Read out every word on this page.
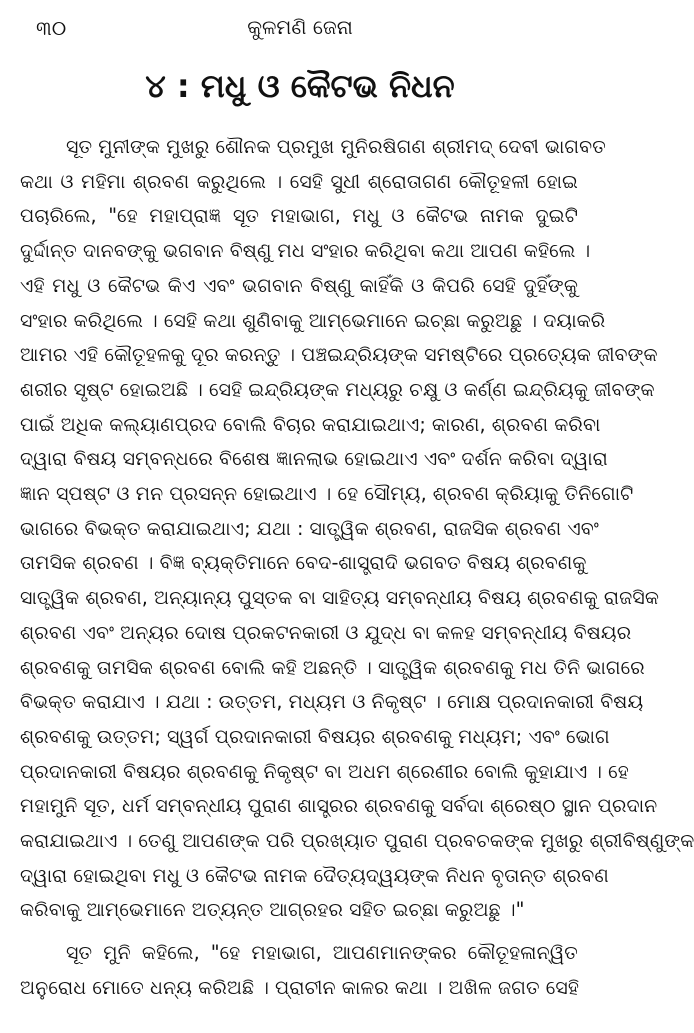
୩୦	କୁଳମଣି ଜେନା
୪ : ମଧୁ ଓ କୈଟଭ ନିଧନ
ସୂତ ମୁନୀଙ୍କ ମୁଖରୁ ଶୌନକ ପ୍ରମୁଖ ମୁନିରଷିଗଣ ଶ୍ରୀମଦ୍ ଦେବୀ ଭାଗବତ
କଥା ଓ ମହିମା ଶ୍ରବଣ କରୁଥିଲେ । ସେହି ସୁଧୀ ଶ୍ରୋତାଗଣ କୌତୂହଳୀ ହୋଇ
ପଚାରିଲେ, "ହେ ମହାପ୍ରାଜ୍ଞ ସୂତ ମହାଭାଗ, ମଧୁ ଓ କୈଟଭ ନାମକ ଦୁଇଟି
ଦୁର୍ଦ୍ଦାନ୍ତ ଦାନବଙ୍କୁ ଭଗବାନ ବିଷ୍ଣୁ ମଧ ସଂହାର କରିଥିବା କଥା ଆପଣ କହିଲେ ।
ଏହି ମଧୁ ଓ କୈଟଭ କିଏ ଏବଂ ଭଗବାନ ବିଷ୍ଣୁ କାହିଁକି ଓ କିପରି ସେହି ଦୁହିଁଙ୍କୁ
ସଂହାର କରିଥିଲେ । ସେହି କଥା ଶୁଣିବାକୁ ଆମ୍ଭେମାନେ ଇଚ୍ଛା କରୁଅଛୁ । ଦୟାକରି
ଆମର ଏହି କୌତୂହଳକୁ ଦୂର କରନ୍ତୁ । ପଞ୍ଚଇନ୍ଦ୍ରିୟଙ୍କ ସମଷ୍ଟିରେ ପ୍ରତ୍ୟେକ ଜୀବଙ୍କ
ଶରୀର ସୃଷ୍ଟ ହୋଇଅଛି । ସେହି ଇନ୍ଦ୍ରିୟଙ୍କ ମଧ୍ୟରୁ ଚକ୍ଷୁ ଓ କର୍ଣ୍ଣ ଇନ୍ଦ୍ରିୟକୁ ଜୀବଙ୍କ
ପାଇଁ ଅଧିକ କଲ୍ୟାଣପ୍ରଦ ବୋଲି ବିଚାର କରାଯାଇଥାଏ; କାରଣ, ଶ୍ରବଣ କରିବା
ଦ୍ୱାରା ବିଷୟ ସମ୍ବନ୍ଧରେ ବିଶେଷ ଜ୍ଞାନଲାଭ ହୋଇଥାଏ ଏବଂ ଦର୍ଶନ କରିବା ଦ୍ୱାରା
ଜ୍ଞାନ ସ୍ପଷ୍ଟ ଓ ମନ ପ୍ରସନ୍ନ ହୋଇଥାଏ । ହେ ସୌମ୍ୟ, ଶ୍ରବଣ କ୍ରିୟାକୁ ତିନିଗୋଟି
ଭାଗରେ ବିଭକ୍ତ କରାଯାଇଥାଏ; ଯଥା : ସାତ୍ତ୍ୱିକ ଶ୍ରବଣ, ରାଜସିକ ଶ୍ରବଣ ଏବଂ
ତାମସିକ ଶ୍ରବଣ । ବିଜ୍ଞ ବ୍ୟକ୍ତିମାନେ ବେଦ-ଶାସ୍ତ୍ରାଦି ଭଗବତ ବିଷୟ ଶ୍ରବଣକୁ
ସାତ୍ତ୍ୱିକ ଶ୍ରବଣ, ଅନ୍ୟାନ୍ୟ ପୁସ୍ତକ ବା ସାହିତ୍ୟ ସମ୍ବନ୍ଧୀୟ ବିଷୟ ଶ୍ରବଣକୁ ରାଜସିକ
ଶ୍ରବଣ ଏବଂ ଅନ୍ୟର ଦୋଷ ପ୍ରକଟନକାରୀ ଓ ଯୁଦ୍ଧ ବା କଳହ ସମ୍ବନ୍ଧୀୟ ବିଷୟର
ଶ୍ରବଣକୁ ତାମସିକ ଶ୍ରବଣ ବୋଲି କହି ଅଛନ୍ତି । ସାତ୍ତ୍ୱିକ ଶ୍ରବଣକୁ ମଧ ତିନି ଭାଗରେ
ବିଭକ୍ତ କରାଯାଏ । ଯଥା : ଉତ୍ତମ, ମଧ୍ୟମ ଓ ନିକୃଷ୍ଟ । ମୋକ୍ଷ ପ୍ରଦାନକାରୀ ବିଷୟ
ଶ୍ରବଣକୁ ଉତ୍ତମ; ସ୍ୱର୍ଗ ପ୍ରଦାନକାରୀ ବିଷୟର ଶ୍ରବଣକୁ ମଧ୍ୟମ; ଏବଂ ଭୋଗ
ପ୍ରଦାନକାରୀ ବିଷୟର ଶ୍ରବଣକୁ ନିକୃଷ୍ଟ ବା ଅଧମ ଶ୍ରେଣୀର ବୋଲି କୁହାଯାଏ । ହେ
ମହାମୁନି ସୂତ, ଧର୍ମ ସମ୍ବନ୍ଧୀୟ ପୁରାଣ ଶାସ୍ତ୍ରର ଶ୍ରବଣକୁ ସର୍ବଦା ଶ୍ରେଷ୍ଠ ସ୍ଥାନ ପ୍ରଦାନ
କରାଯାଇଥାଏ । ତେଣୁ ଆପଣଙ୍କ ପରି ପ୍ରଖ୍ୟାତ ପୁରାଣ ପ୍ରବଚକଙ୍କ ମୁଖରୁ ଶ୍ରୀବିଷ୍ଣୁଙ୍କ
ଦ୍ୱାରା ହୋଇଥିବା ମଧୁ ଓ କୈଟଭ ନାମକ ଦୈତ୍ୟଦ୍ୱୟଙ୍କ ନିଧନ ବୃତାନ୍ତ ଶ୍ରବଣ
କରିବାକୁ ଆମ୍ଭେମାନେ ଅତ୍ୟନ୍ତ ଆଗ୍ରହର ସହିତ ଇଚ୍ଛା କରୁଅଛୁ ।"
ସୂତ ମୁନି କହିଲେ, "ହେ ମହାଭାଗ, ଆପଣମାନଙ୍କର କୌତୂହଳାନ୍ୱିତ
ଅନୁରୋଧ ମୋତେ ଧନ୍ୟ କରିଅଛି । ପ୍ରାଚୀନ କାଳର କଥା । ଅଖିଳ ଜଗତ ସେହି
